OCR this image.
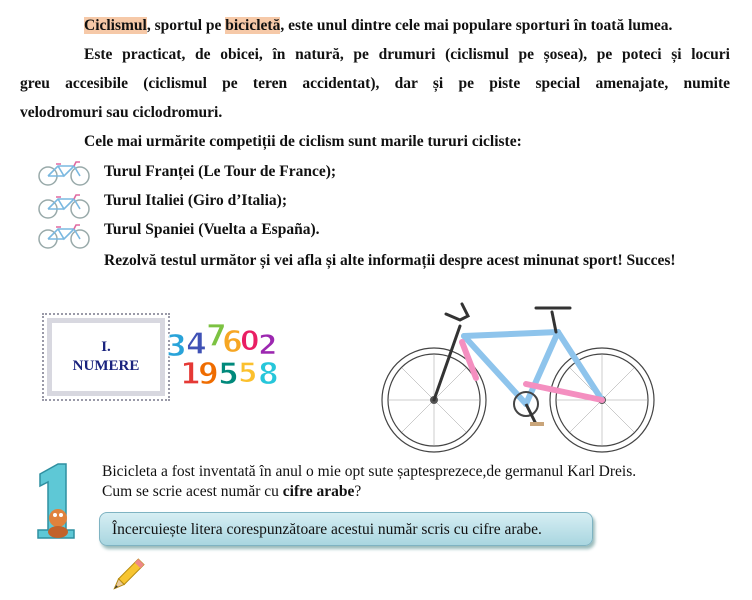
Ciclismul, sportul pe bicicletă, este unul dintre cele mai populare sporturi în toată lumea.
Este practicat, de obicei, în natură, pe drumuri (ciclismul pe șosea), pe poteci și locuri
greu accesibile (ciclismul pe teren accidentat), dar și pe piste special amenajate, numite
velodromuri sau ciclodromuri.
Cele mai urmărite competiții de ciclism sunt marile tururi cicliste:
Turul Franței (Le Tour de France);
Turul Italiei (Giro d’Italia);
Turul Spaniei (Vuelta a España).
Rezolvă testul următor și vei afla și alte informații despre acest minunat sport! Succes!
I.
NUMERE
3 4 7
6
0
2
1
9 5 5 8
Bicicleta a fost inventată în anul o mie opt sute șaptesprezece,de germanul Karl Dreis.
Cum se scrie acest număr cu cifre arabe?
Încercuiește litera corespunzătoare acestui număr scris cu cifre arabe.
